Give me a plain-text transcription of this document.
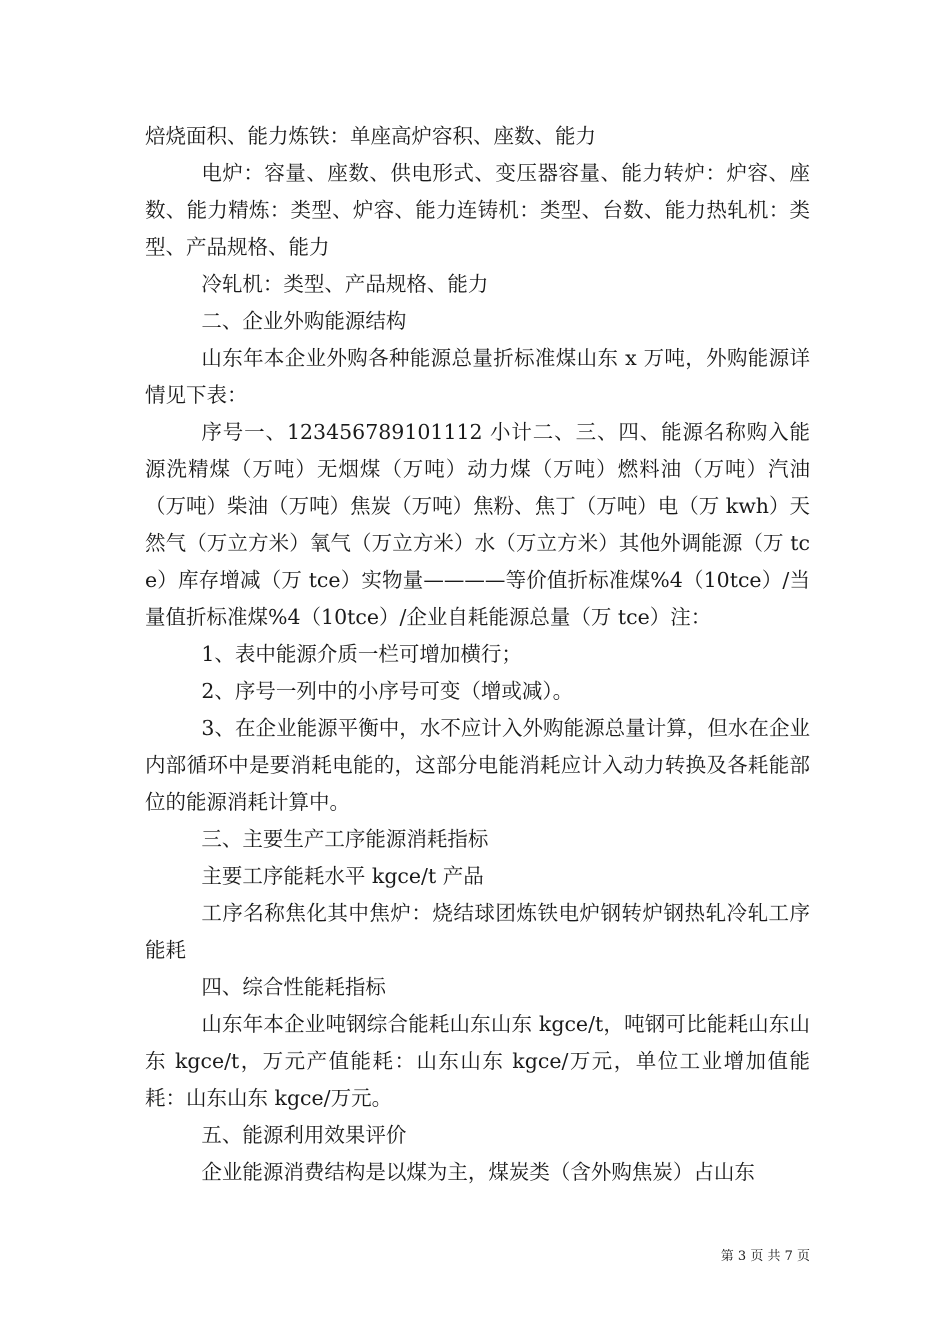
焙烧面积、能力炼铁：单座高炉容积、座数、能力

电炉：容量、座数、供电形式、变压器容量、能力转炉：炉容、座数、能力精炼：类型、炉容、能力连铸机：类型、台数、能力热轧机：类型、产品规格、能力

冷轧机：类型、产品规格、能力

二、企业外购能源结构

山东年本企业外购各种能源总量折标准煤山东 x 万吨，外购能源详情见下表：

序号一、123456789101112 小计二、三、四、能源名称购入能源洗精煤（万吨）无烟煤（万吨）动力煤（万吨）燃料油（万吨）汽油（万吨）柴油（万吨）焦炭（万吨）焦粉、焦丁（万吨）电（万 kwh）天然气（万立方米）氧气（万立方米）水（万立方米）其他外调能源（万 tce）库存增减（万 tce）实物量————等价值折标准煤%4（10tce）/当量值折标准煤%4（10tce）/企业自耗能源总量（万 tce）注：

1、表中能源介质一栏可增加横行；

2、序号一列中的小序号可变（增或减）。

3、在企业能源平衡中，水不应计入外购能源总量计算，但水在企业内部循环中是要消耗电能的，这部分电能消耗应计入动力转换及各耗能部位的能源消耗计算中。

三、主要生产工序能源消耗指标

主要工序能耗水平 kgce/t 产品

工序名称焦化其中焦炉：烧结球团炼铁电炉钢转炉钢热轧冷轧工序能耗

四、综合性能耗指标

山东年本企业吨钢综合能耗山东山东 kgce/t，吨钢可比能耗山东山东 kgce/t，万元产值能耗：山东山东 kgce/万元，单位工业增加值能耗：山东山东 kgce/万元。

五、能源利用效果评价

企业能源消费结构是以煤为主，煤炭类（含外购焦炭）占山东

第 3 页 共 7 页
